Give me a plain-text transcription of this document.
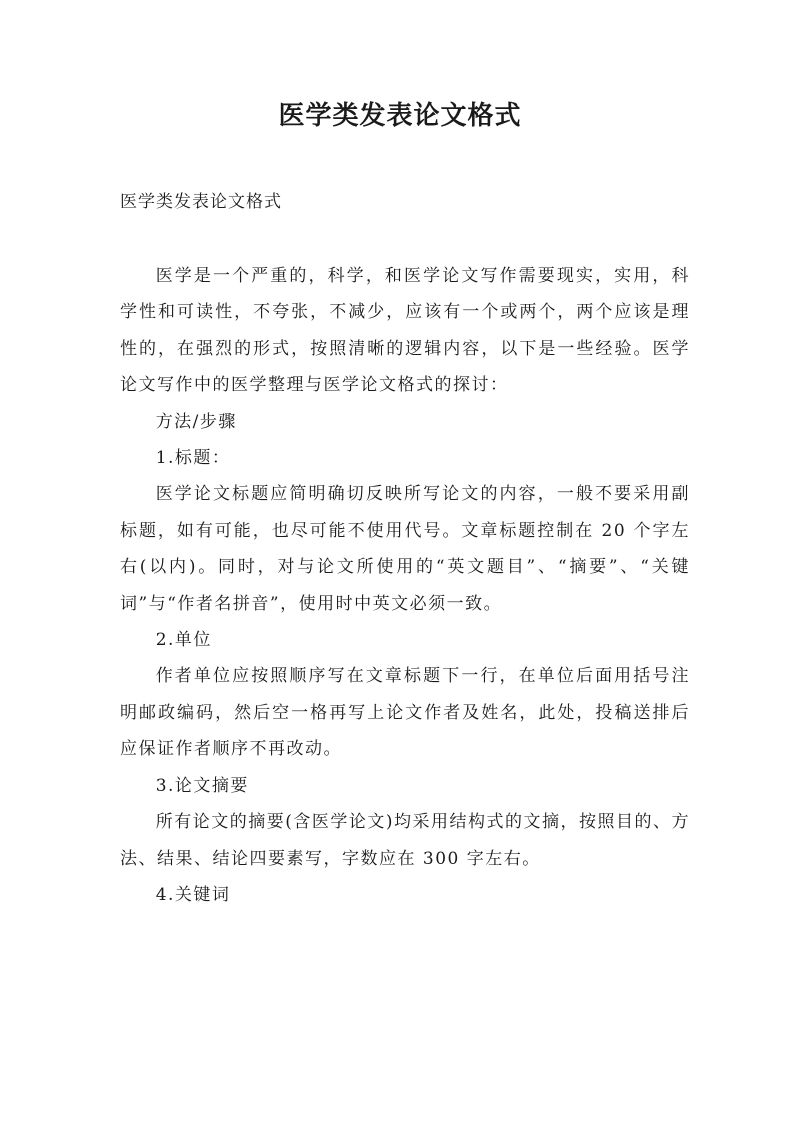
医学类发表论文格式

医学类发表论文格式

医学是一个严重的，科学，和医学论文写作需要现实，实用，科学性和可读性，不夸张，不减少，应该有一个或两个，两个应该是理性的，在强烈的形式，按照清晰的逻辑内容，以下是一些经验。医学论文写作中的医学整理与医学论文格式的探讨：

方法/步骤

1.标题：

医学论文标题应简明确切反映所写论文的内容，一般不要采用副标题，如有可能，也尽可能不使用代号。文章标题控制在 20 个字左右(以内)。同时，对与论文所使用的“英文题目”、“摘要”、“关键词”与“作者名拼音”，使用时中英文必须一致。

2.单位

作者单位应按照顺序写在文章标题下一行，在单位后面用括号注明邮政编码，然后空一格再写上论文作者及姓名，此处，投稿送排后应保证作者顺序不再改动。

3.论文摘要

所有论文的摘要(含医学论文)均采用结构式的文摘，按照目的、方法、结果、结论四要素写，字数应在 300 字左右。

4.关键词
